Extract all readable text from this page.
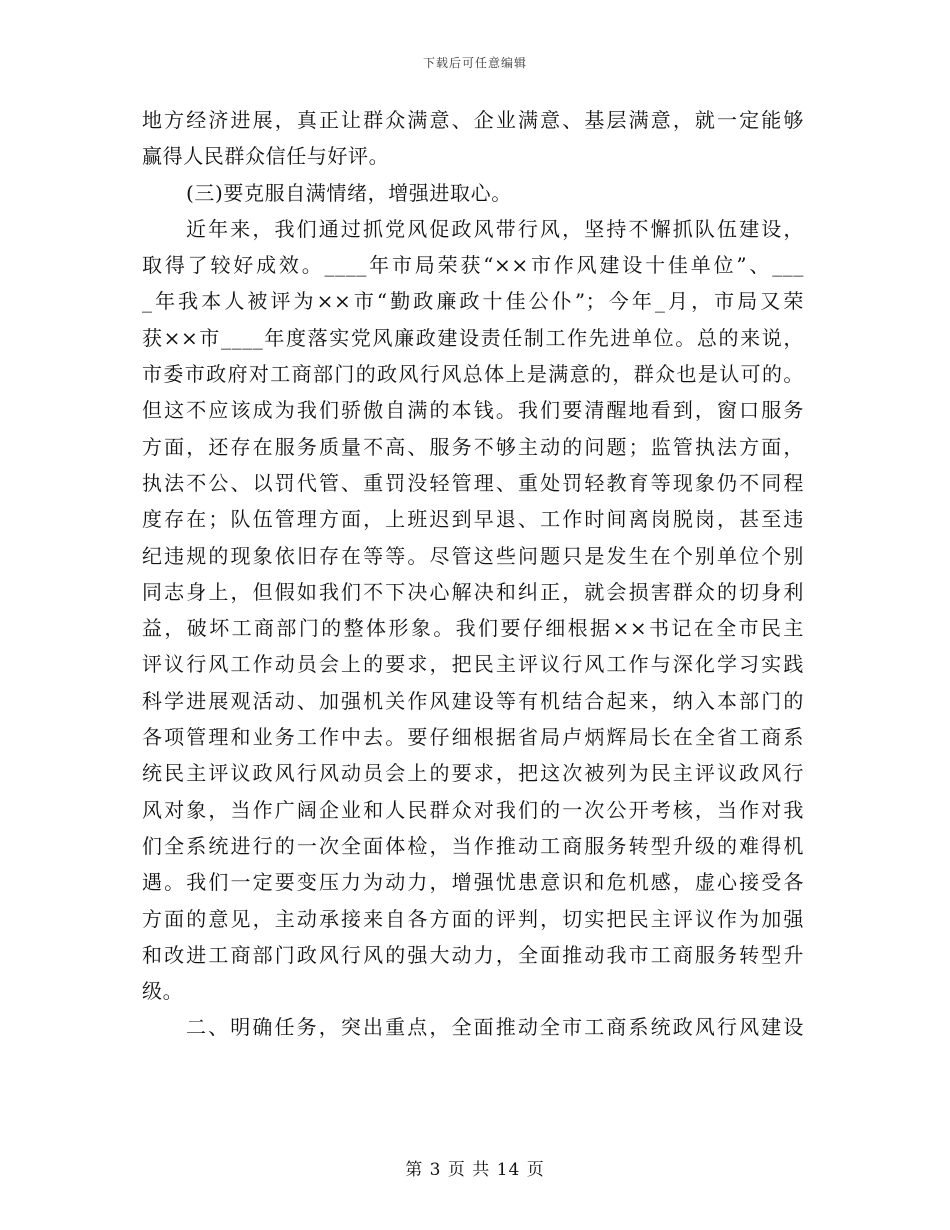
下载后可任意编辑
地方经济进展，真正让群众满意、企业满意、基层满意，就一定能够
赢得人民群众信任与好评。
(三)要克服自满情绪，增强进取心。
近年来，我们通过抓党风促政风带行风，坚持不懈抓队伍建设，
取得了较好成效。____年市局荣获“××市作风建设十佳单位”、___
_年我本人被评为××市“勤政廉政十佳公仆”；今年_月，市局又荣
获××市____年度落实党风廉政建设责任制工作先进单位。总的来说，
市委市政府对工商部门的政风行风总体上是满意的，群众也是认可的。
但这不应该成为我们骄傲自满的本钱。我们要清醒地看到，窗口服务
方面，还存在服务质量不高、服务不够主动的问题；监管执法方面，
执法不公、以罚代管、重罚没轻管理、重处罚轻教育等现象仍不同程
度存在；队伍管理方面，上班迟到早退、工作时间离岗脱岗，甚至违
纪违规的现象依旧存在等等。尽管这些问题只是发生在个别单位个别
同志身上，但假如我们不下决心解决和纠正，就会损害群众的切身利
益，破坏工商部门的整体形象。我们要仔细根据××书记在全市民主
评议行风工作动员会上的要求，把民主评议行风工作与深化学习实践
科学进展观活动、加强机关作风建设等有机结合起来，纳入本部门的
各项管理和业务工作中去。要仔细根据省局卢炳辉局长在全省工商系
统民主评议政风行风动员会上的要求，把这次被列为民主评议政风行
风对象，当作广阔企业和人民群众对我们的一次公开考核，当作对我
们全系统进行的一次全面体检，当作推动工商服务转型升级的难得机
遇。我们一定要变压力为动力，增强忧患意识和危机感，虚心接受各
方面的意见，主动承接来自各方面的评判，切实把民主评议作为加强
和改进工商部门政风行风的强大动力，全面推动我市工商服务转型升
级。
二、明确任务，突出重点，全面推动全市工商系统政风行风建设
第 3 页 共 14 页
